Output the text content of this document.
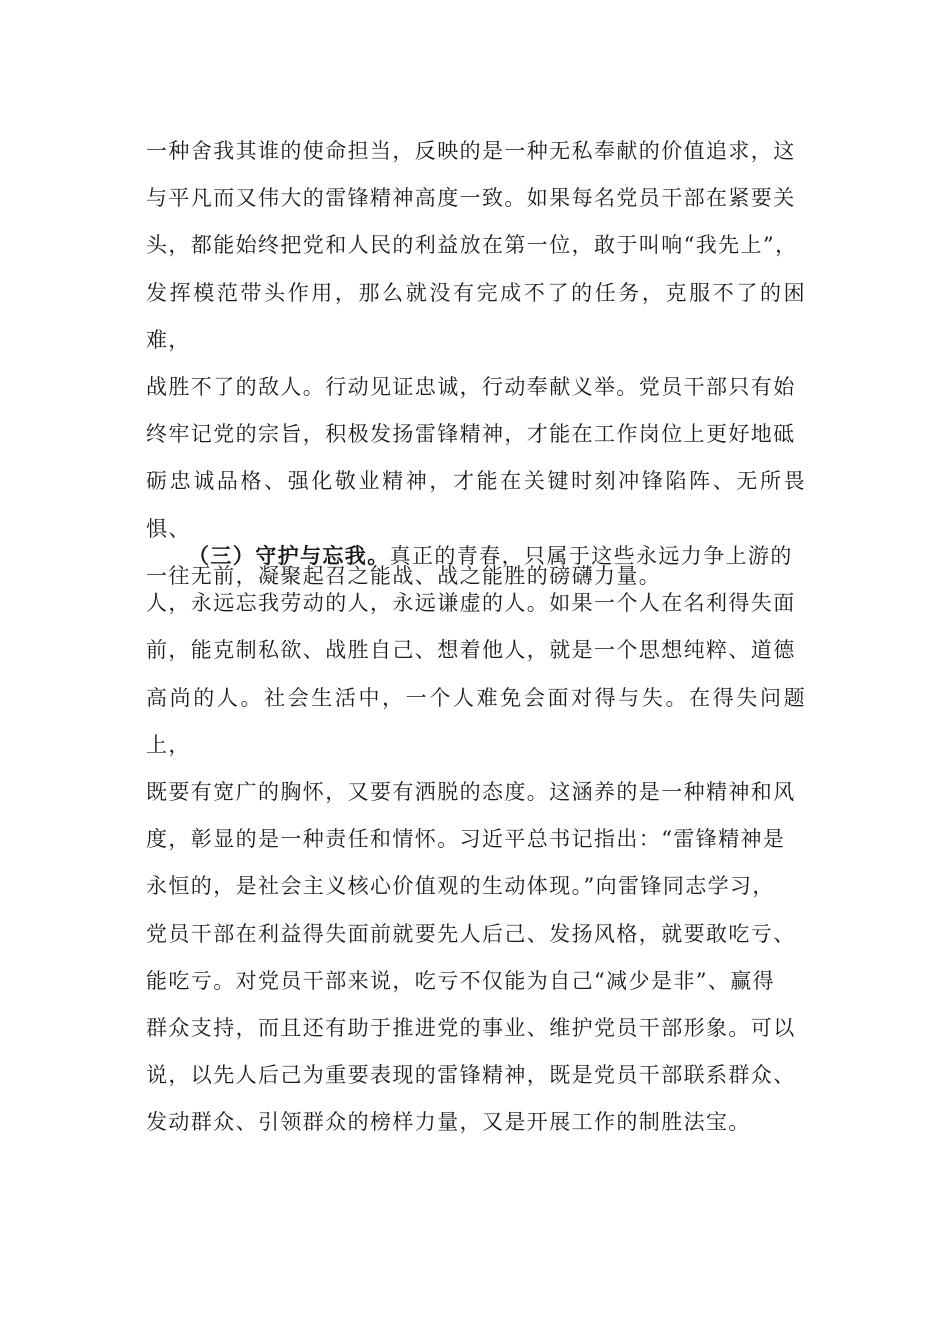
一种舍我其谁的使命担当，反映的是一种无私奉献的价值追求，这

与平凡而又伟大的雷锋精神高度一致。如果每名党员干部在紧要关

头，都能始终把党和人民的利益放在第一位，敢于叫响“我先上”，

发挥模范带头作用，那么就没有完成不了的任务，克服不了的困难，

战胜不了的敌人。行动见证忠诚，行动奉献义举。党员干部只有始

终牢记党的宗旨，积极发扬雷锋精神，才能在工作岗位上更好地砥

砺忠诚品格、强化敬业精神，才能在关键时刻冲锋陷阵、无所畏惧、

一往无前，凝聚起召之能战、战之能胜的磅礴力量。

（三）守护与忘我。真正的青春，只属于这些永远力争上游的

人，永远忘我劳动的人，永远谦虚的人。如果一个人在名利得失面

前，能克制私欲、战胜自己、想着他人，就是一个思想纯粹、道德

高尚的人。社会生活中，一个人难免会面对得与失。在得失问题上，

既要有宽广的胸怀，又要有洒脱的态度。这涵养的是一种精神和风

度，彰显的是一种责任和情怀。习近平总书记指出：“雷锋精神是

永恒的，是社会主义核心价值观的生动体现。”向雷锋同志学习，

党员干部在利益得失面前就要先人后己、发扬风格，就要敢吃亏、

能吃亏。对党员干部来说，吃亏不仅能为自己“减少是非”、赢得

群众支持，而且还有助于推进党的事业、维护党员干部形象。可以

说，以先人后己为重要表现的雷锋精神，既是党员干部联系群众、

发动群众、引领群众的榜样力量，又是开展工作的制胜法宝。
